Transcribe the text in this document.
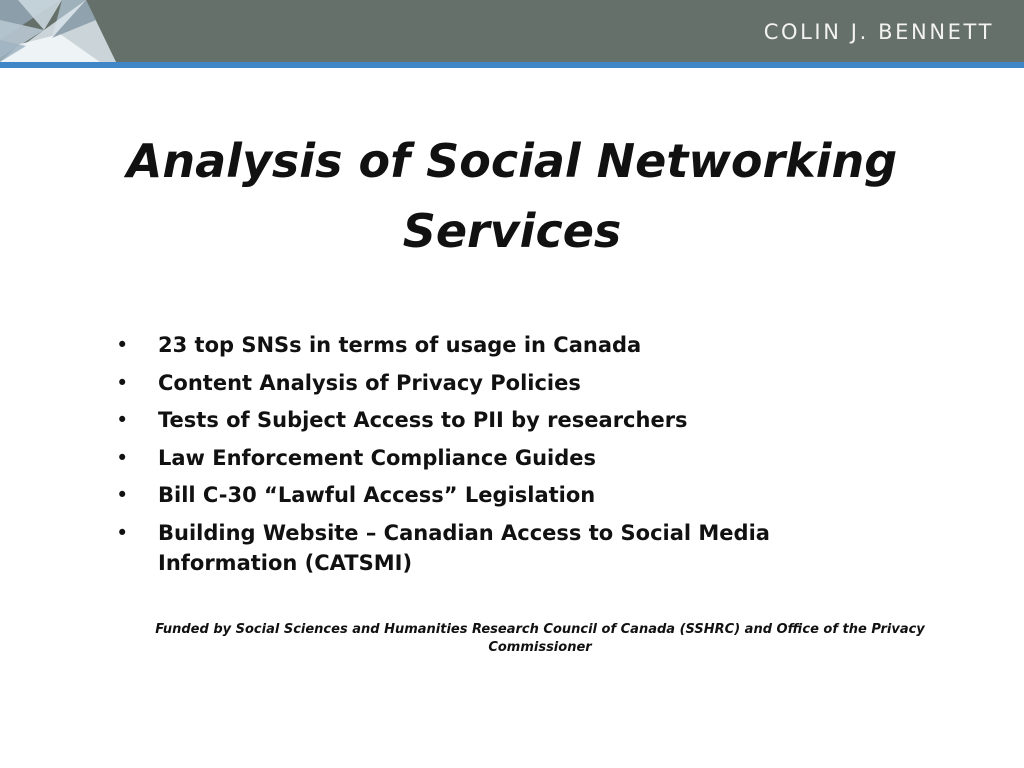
COLIN J. BENNETT
Analysis of Social Networking Services
• 23 top SNSs in terms of usage in Canada
• Content Analysis of Privacy Policies
• Tests of Subject Access to PII by researchers
• Law Enforcement Compliance Guides
• Bill C-30 “Lawful Access” Legislation
• Building Website – Canadian Access to Social Media Information (CATSMI)

Funded by Social Sciences and Humanities Research Council of Canada (SSHRC) and Office of the Privacy Commissioner
